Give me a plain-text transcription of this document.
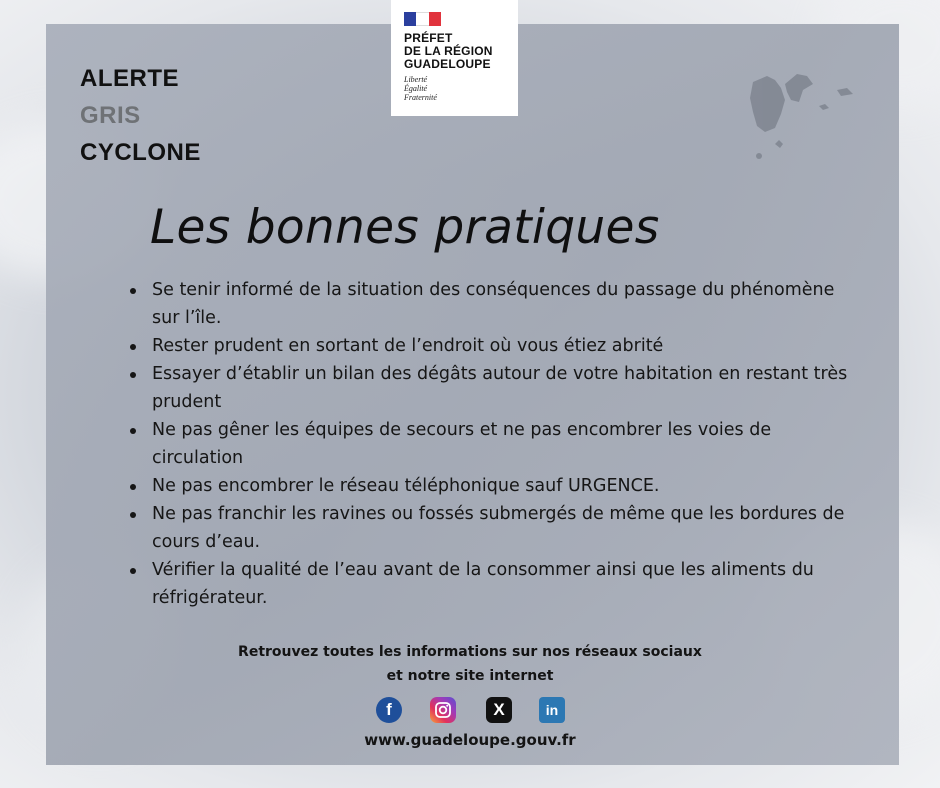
PRÉFET
DE LA RÉGION
GUADELOUPE
Liberté
Égalité
Fraternité
ALERTE
GRIS
CYCLONE
Les bonnes pratiques
Se tenir informé de la situation des conséquences du passage du phénomène sur l’île.
Rester prudent en sortant de l’endroit où vous étiez abrité
Essayer d’établir un bilan des dégâts autour de votre habitation en restant très prudent
Ne pas gêner les équipes de secours et ne pas encombrer les voies de circulation
Ne pas encombrer le réseau téléphonique sauf URGENCE.
Ne pas franchir les ravines ou fossés submergés de même que les bordures de cours d’eau.
Vérifier la qualité de l’eau avant de la consommer ainsi que les aliments du réfrigérateur.
Retrouvez toutes les informations sur nos réseaux sociaux
et notre site internet
f	X	in
www.guadeloupe.gouv.fr
